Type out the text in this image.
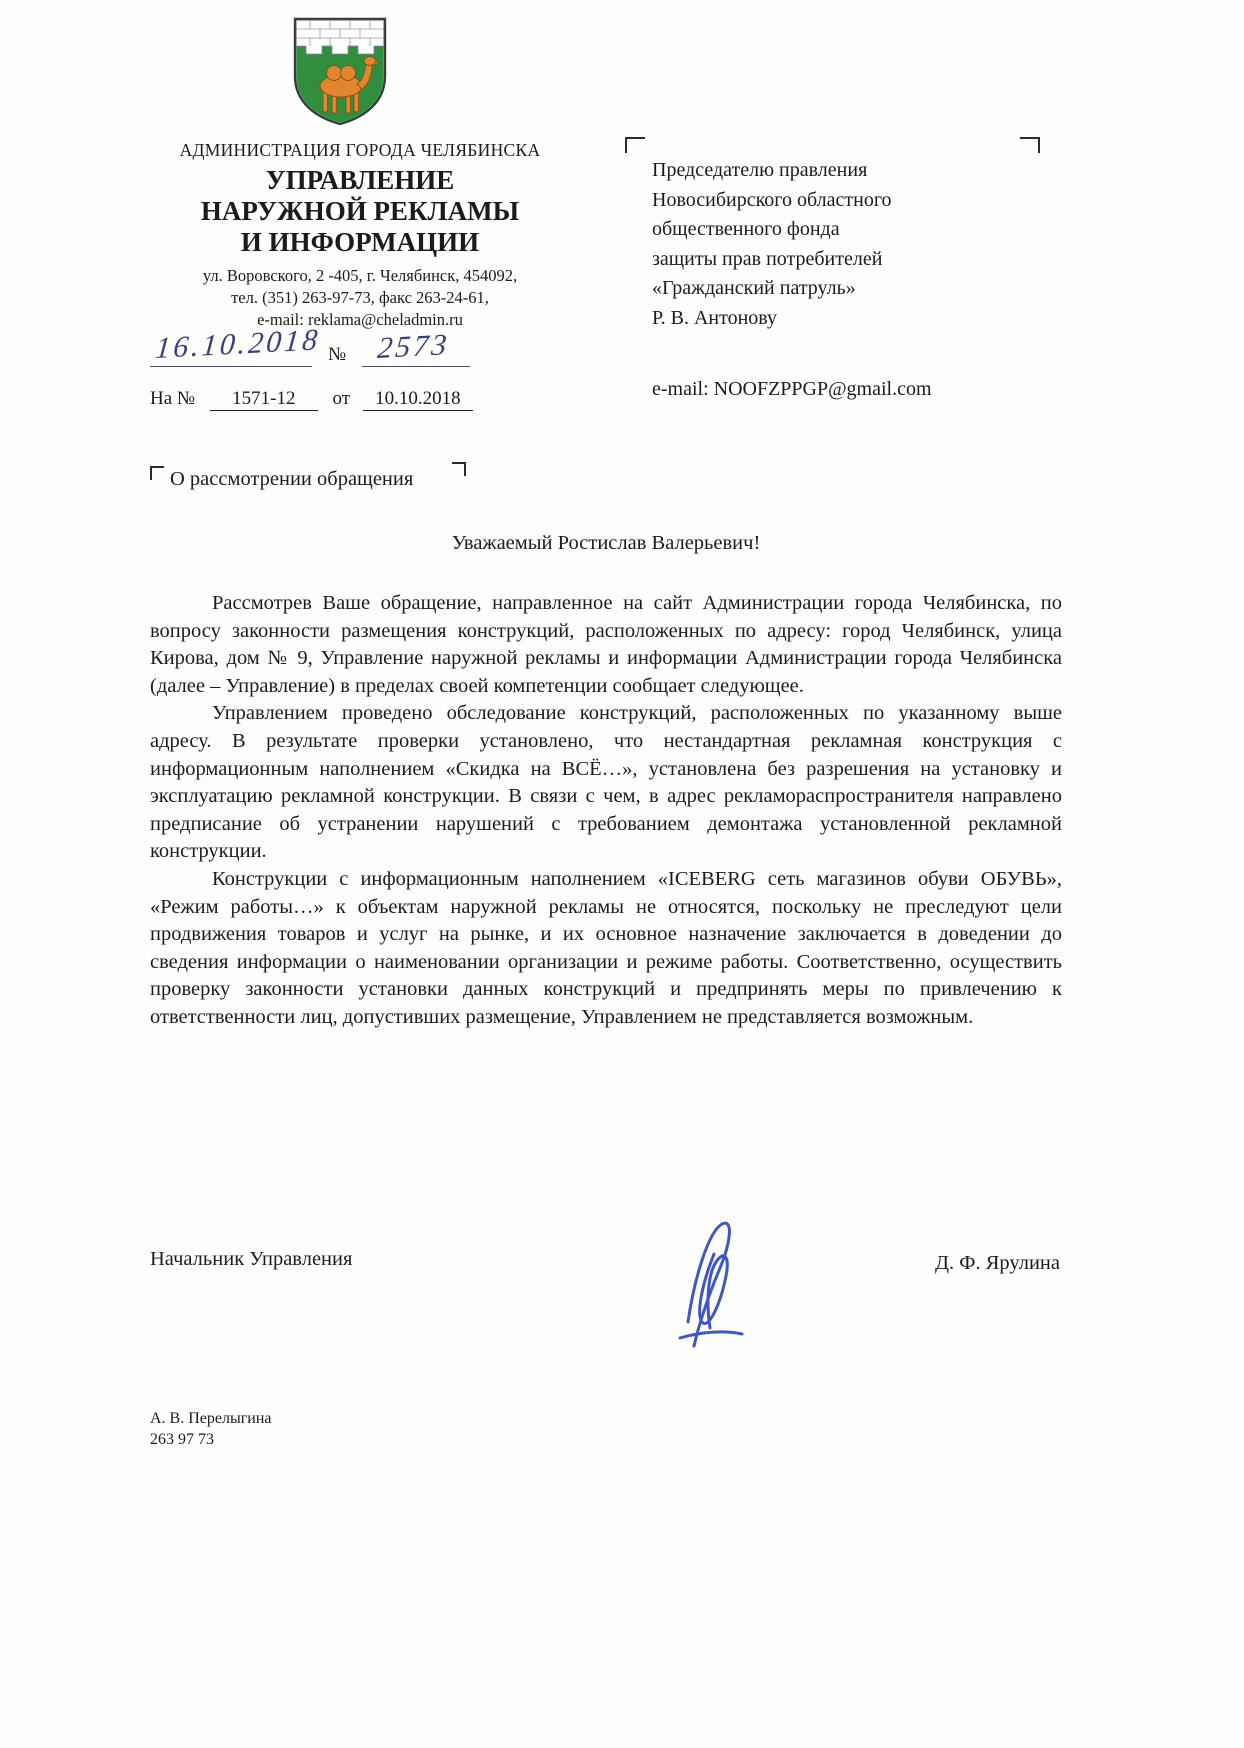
АДМИНИСТРАЦИЯ ГОРОДА ЧЕЛЯБИНСКА
УПРАВЛЕНИЕ
НАРУЖНОЙ РЕКЛАМЫ
И ИНФОРМАЦИИ
ул. Воровского, 2 -405, г. Челябинск, 454092,
тел. (351) 263-97-73, факс 263-24-61,
e-mail: reklama@cheladmin.ru
16.10.2018 № 2573
На № 1571-12 от 10.10.2018
Председателю правления
Новосибирского областного
общественного фонда
защиты прав потребителей
«Гражданский патруль»
Р. В. Антонову
e-mail: NOOFZPPGP@gmail.com
О рассмотрении обращения
Уважаемый Ростислав Валерьевич!

Рассмотрев Ваше обращение, направленное на сайт Администрации города Челябинска, по вопросу законности размещения конструкций, расположенных по адресу: город Челябинск, улица Кирова, дом № 9, Управление наружной рекламы и информации Администрации города Челябинска (далее – Управление) в пределах своей компетенции сообщает следующее.

Управлением проведено обследование конструкций, расположенных по указанному выше адресу. В результате проверки установлено, что нестандартная рекламная конструкция с информационным наполнением «Скидка на ВСЁ…», установлена без разрешения на установку и эксплуатацию рекламной конструкции. В связи с чем, в адрес рекламораспространителя направлено предписание об устранении нарушений с требованием демонтажа установленной рекламной конструкции.

Конструкции с информационным наполнением «ICEBERG сеть магазинов обуви ОБУВЬ», «Режим работы…» к объектам наружной рекламы не относятся, поскольку не преследуют цели продвижения товаров и услуг на рынке, и их основное назначение заключается в доведении до сведения информации о наименовании организации и режиме работы. Соответственно, осуществить проверку законности установки данных конструкций и предпринять меры по привлечению к ответственности лиц, допустивших размещение, Управлением не представляется возможным.

Начальник Управления	Д. Ф. Ярулина
А. В. Перелыгина
263 97 73
